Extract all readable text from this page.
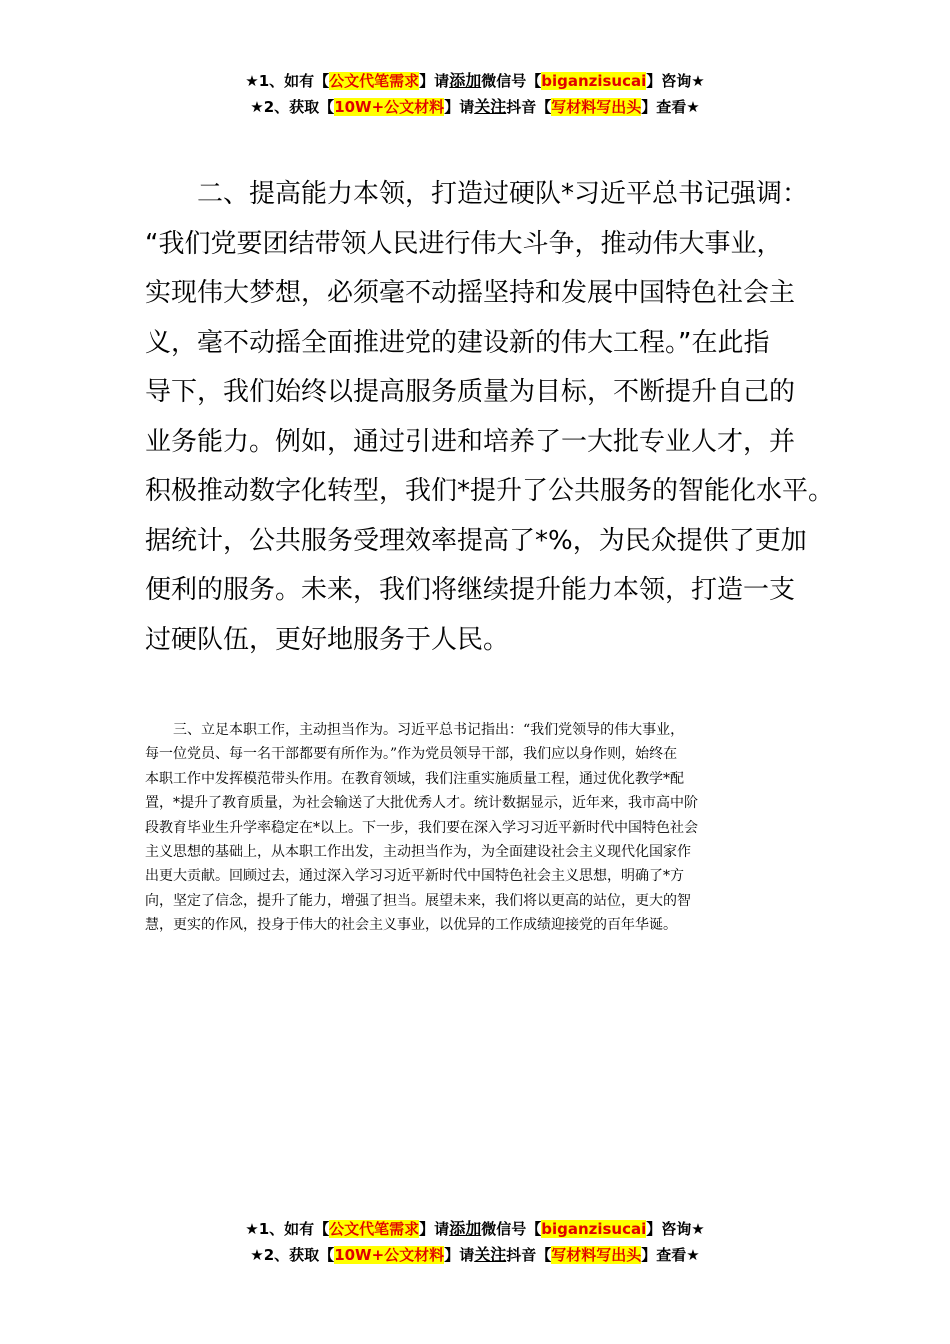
★1、如有【公文代笔需求】请添加微信号【biganzisucai】咨询★
★2、获取【10W+公文材料】请关注抖音【写材料写出头】查看★
　　二、提高能力本领，打造过硬队*习近平总书记强调：
“我们党要团结带领人民进行伟大斗争，推动伟大事业，
实现伟大梦想，必须毫不动摇坚持和发展中国特色社会主
义，毫不动摇全面推进党的建设新的伟大工程。”在此指
导下，我们始终以提高服务质量为目标，不断提升自己的
业务能力。例如，通过引进和培养了一大批专业人才，并
积极推动数字化转型，我们*提升了公共服务的智能化水平。
据统计，公共服务受理效率提高了*%，为民众提供了更加
便利的服务。未来，我们将继续提升能力本领，打造一支
过硬队伍，更好地服务于人民。
　　三、立足本职工作，主动担当作为。习近平总书记指出：“我们党领导的伟大事业，
每一位党员、每一名干部都要有所作为。”作为党员领导干部，我们应以身作则，始终在
本职工作中发挥模范带头作用。在教育领域，我们注重实施质量工程，通过优化教学*配
置，*提升了教育质量，为社会输送了大批优秀人才。统计数据显示，近年来，我市高中阶
段教育毕业生升学率稳定在*以上。下一步，我们要在深入学习习近平新时代中国特色社会
主义思想的基础上，从本职工作出发，主动担当作为，为全面建设社会主义现代化国家作
出更大贡献。回顾过去，通过深入学习习近平新时代中国特色社会主义思想，明确了*方
向，坚定了信念，提升了能力，增强了担当。展望未来，我们将以更高的站位，更大的智
慧，更实的作风，投身于伟大的社会主义事业，以优异的工作成绩迎接党的百年华诞。
★1、如有【公文代笔需求】请添加微信号【biganzisucai】咨询★
★2、获取【10W+公文材料】请关注抖音【写材料写出头】查看★
